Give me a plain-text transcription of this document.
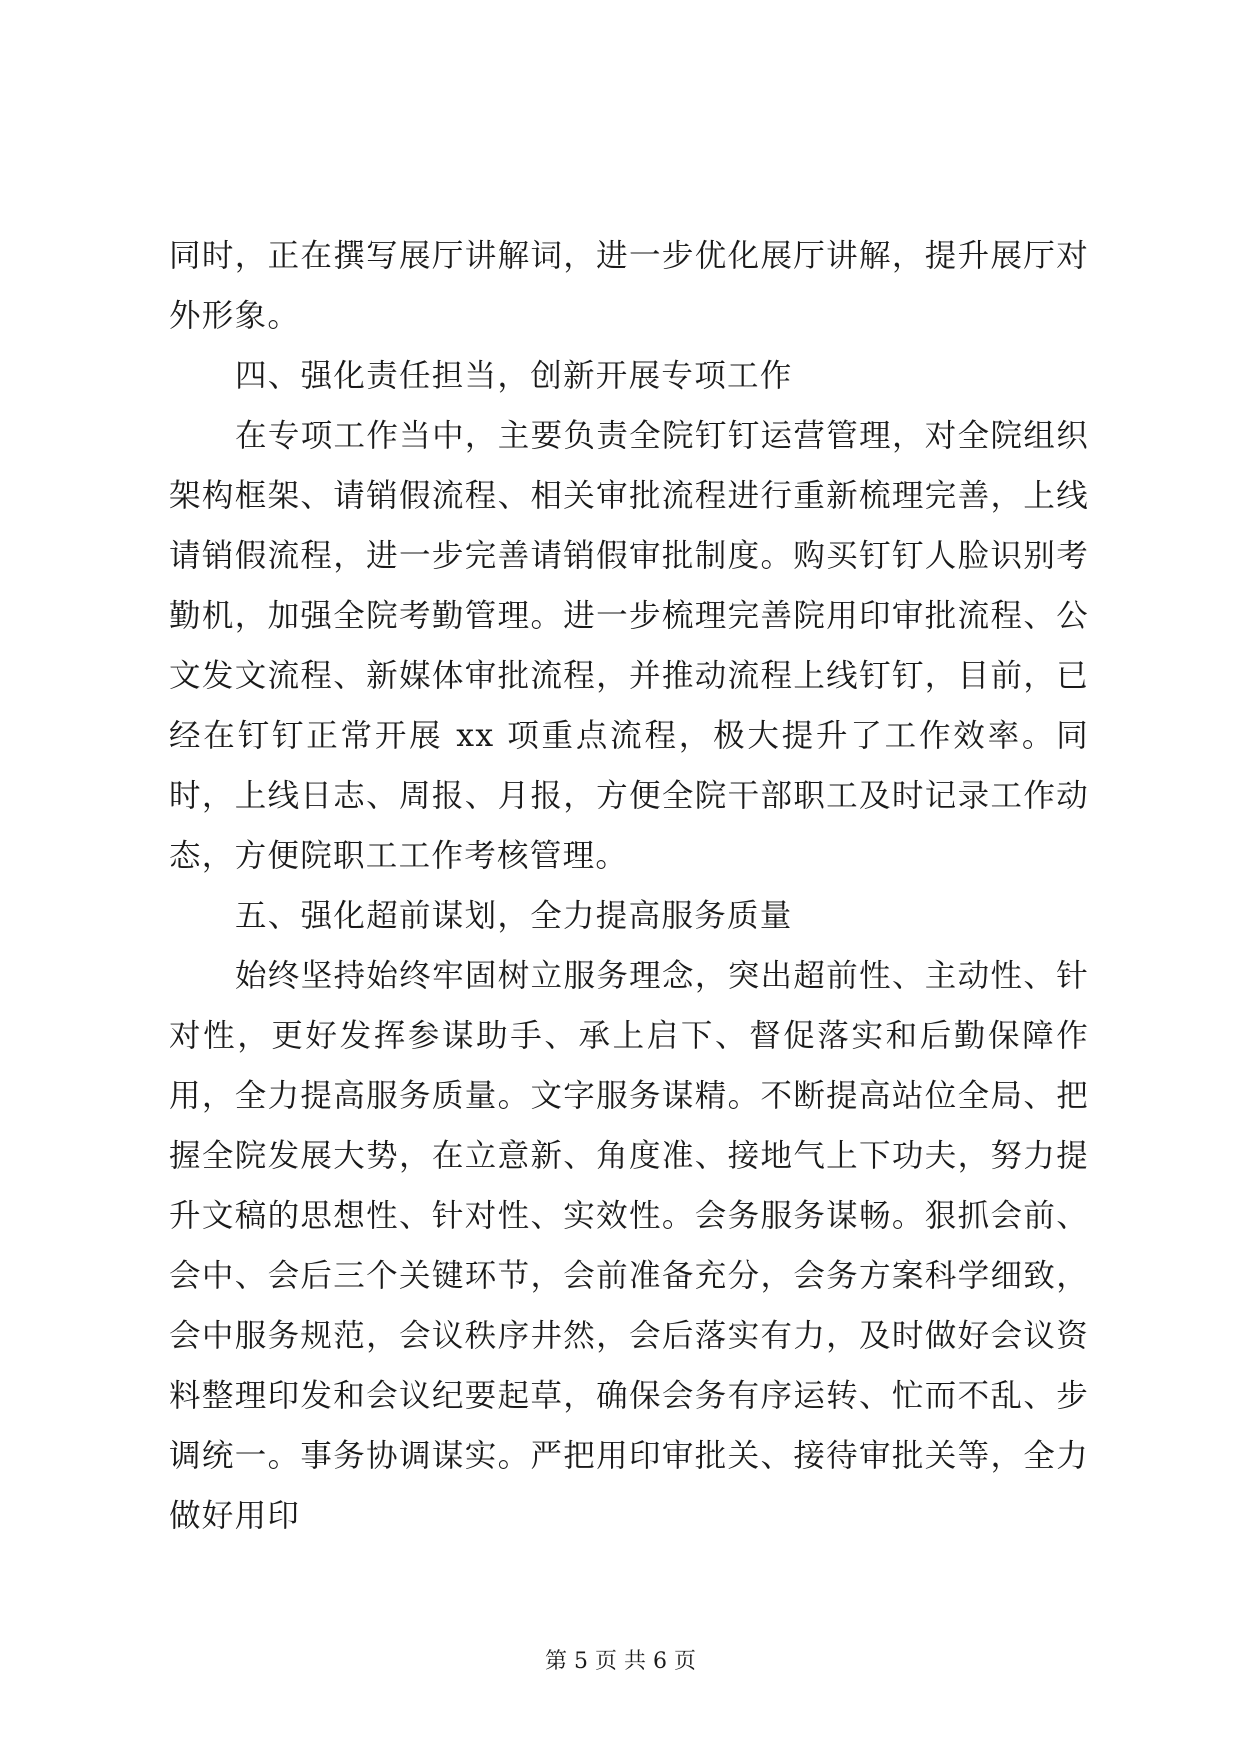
同时，正在撰写展厅讲解词，进一步优化展厅讲解，提升展厅对外形象。

四、强化责任担当，创新开展专项工作

在专项工作当中，主要负责全院钉钉运营管理，对全院组织架构框架、请销假流程、相关审批流程进行重新梳理完善，上线请销假流程，进一步完善请销假审批制度。购买钉钉人脸识别考勤机，加强全院考勤管理。进一步梳理完善院用印审批流程、公文发文流程、新媒体审批流程，并推动流程上线钉钉，目前，已经在钉钉正常开展 xx 项重点流程，极大提升了工作效率。同时，上线日志、周报、月报，方便全院干部职工及时记录工作动态，方便院职工工作考核管理。

五、强化超前谋划，全力提高服务质量

始终坚持始终牢固树立服务理念，突出超前性、主动性、针对性，更好发挥参谋助手、承上启下、督促落实和后勤保障作用，全力提高服务质量。文字服务谋精。不断提高站位全局、把握全院发展大势，在立意新、角度准、接地气上下功夫，努力提升文稿的思想性、针对性、实效性。会务服务谋畅。狠抓会前、会中、会后三个关键环节，会前准备充分，会务方案科学细致，会中服务规范，会议秩序井然，会后落实有力，及时做好会议资料整理印发和会议纪要起草，确保会务有序运转、忙而不乱、步调统一。事务协调谋实。严把用印审批关、接待审批关等，全力做好用印

第 5 页 共 6 页
